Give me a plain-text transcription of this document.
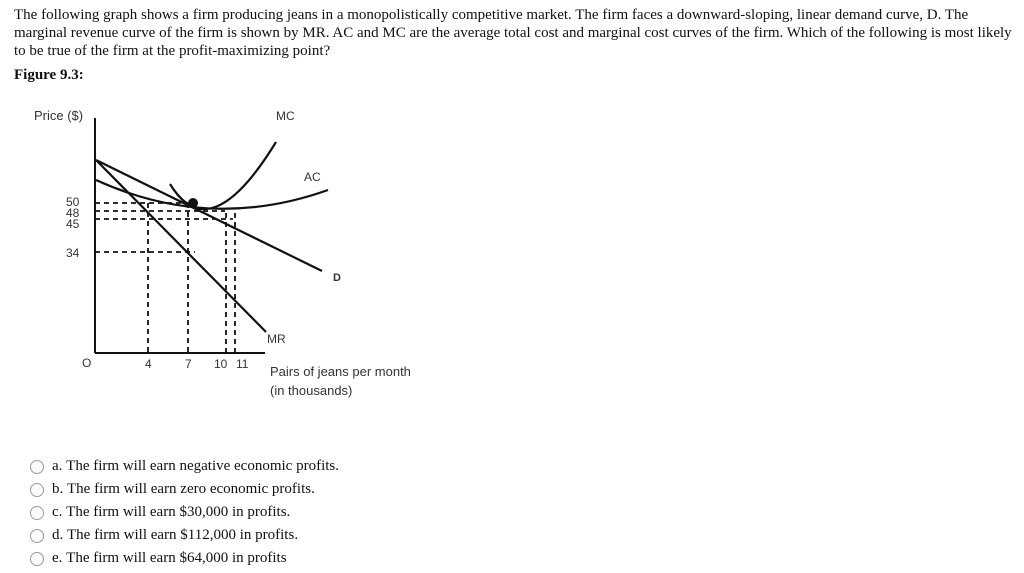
The following graph shows a firm producing jeans in a monopolistically competitive market. The firm faces a downward-sloping, linear demand curve, D. The marginal revenue curve of the firm is shown by MR. AC and MC are the average total cost and marginal cost curves of the firm. Which of the following is most likely to be true of the firm at the profit-maximizing point?

Figure 9.3:
Price ($)	MC
AC
D
MR
50
48
45
34
O	4	7 10 11 Pairs of jeans per month
(in thousands)
a.
The firm will earn negative economic profits.
b.
The firm will earn zero economic profits.
c.
The firm will earn $30,000 in profits.
d.
The firm will earn $112,000 in profits.
e.
The firm will earn $64,000 in profits
